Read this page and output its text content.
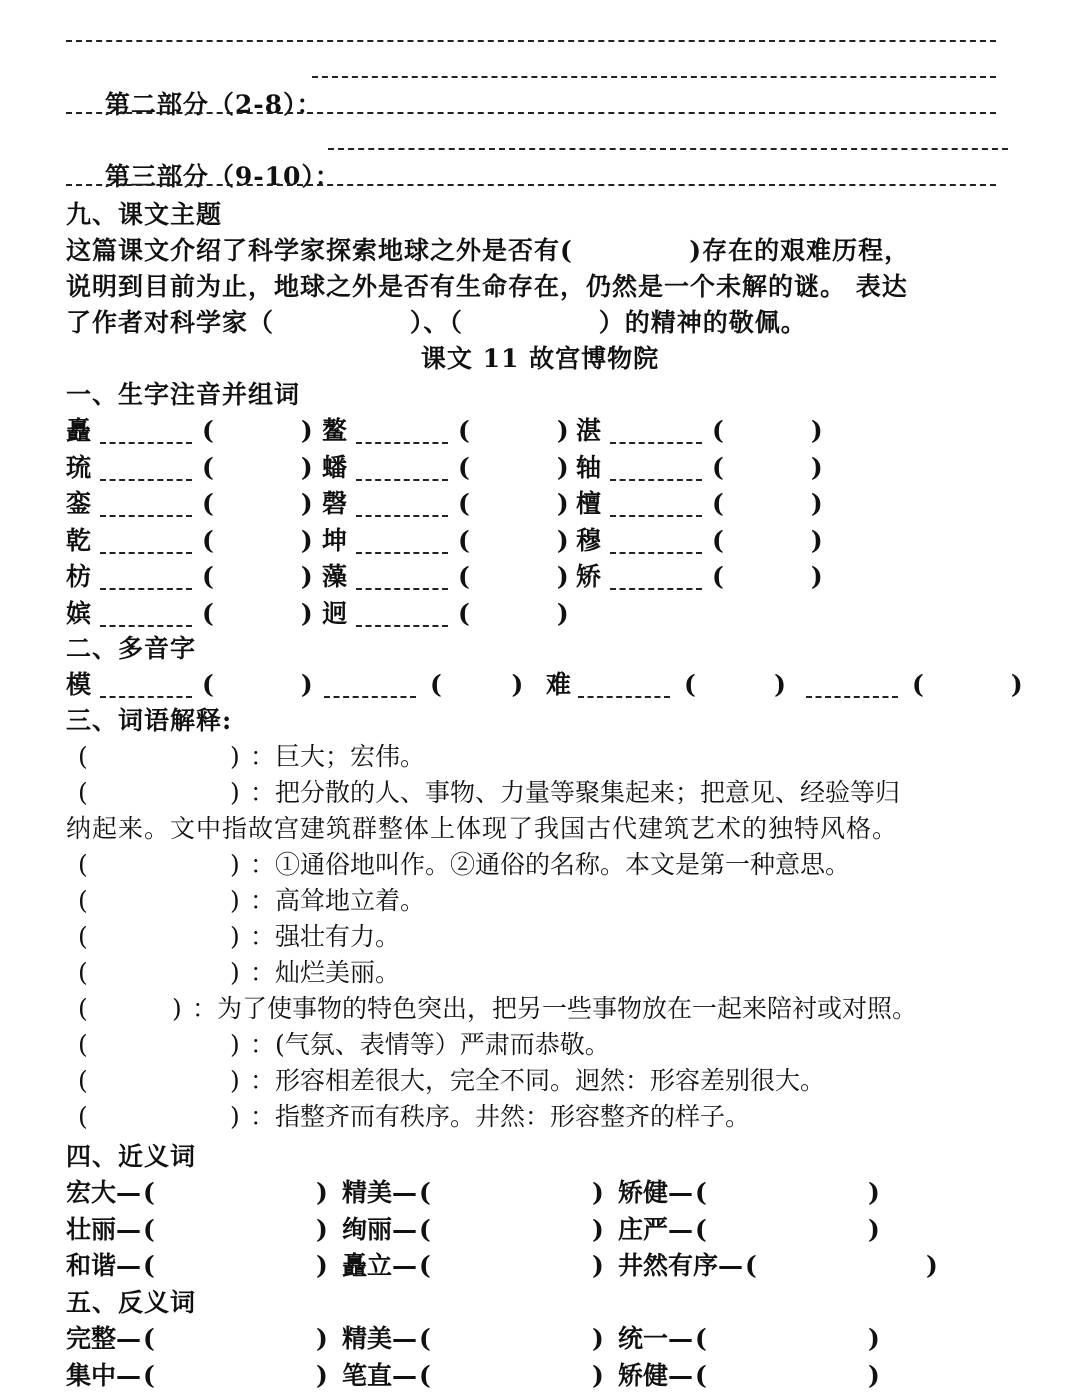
第二部分（2-8）：

第三部分（9-10）：

九、课文主题
这篇课文介绍了科学家探索地球之外是否有(            )存在的艰难历程，
说明到目前为止，地球之外是否有生命存在，仍然是一个未解的谜。 表达
了作者对科学家（              ）、（              ）的精神的敬佩。
课文 11 故宫博物院
一、生字注音并组词
矗	(          ) 鳌	(          ) 湛	(          )
琉	(          ) 蟠	(          ) 轴	(          )
銮	(          ) 磬	(          ) 檀	(          )
乾	(          ) 坤	(          ) 穆	(          )
枋	(          ) 藻	(          ) 矫	(          )
嫔	(          ) 迥	(          )
二、多音字
模	(          )	(        ) 难	(         )	(          )
三、词语解释:
(	) ：巨大；宏伟。
(	) ：把分散的人、事物、力量等聚集起来；把意见、经验等归
(	) ：①通俗地叫作。②通俗的名称。本文是第一种意思。
(	) ：高耸地立着。
(	) ：强壮有力。
(	) ：灿烂美丽。
(	) ：为了使事物的特色突出，把另一些事物放在一起来陪衬或对照。
(	) ：(气氛、表情等）严肃而恭敬。
(	) ：形容相差很大，完全不同。迥然：形容差别很大。
(	) ：指整齐而有秩序。井然：形容整齐的样子。
纳起来。文中指故宫建筑群整体上体现了我国古代建筑艺术的独特风格。
四、近义词
宏大— (	) 精美— (	) 矫健— (	)
壮丽— (	) 绚丽— (	) 庄严— (	)
和谐— (	) 矗立— (	) 井然有序— (	)
五、反义词
完整— (	) 精美— (	) 统一— (	)
集中— (	) 笔直— (	) 矫健— (	)
